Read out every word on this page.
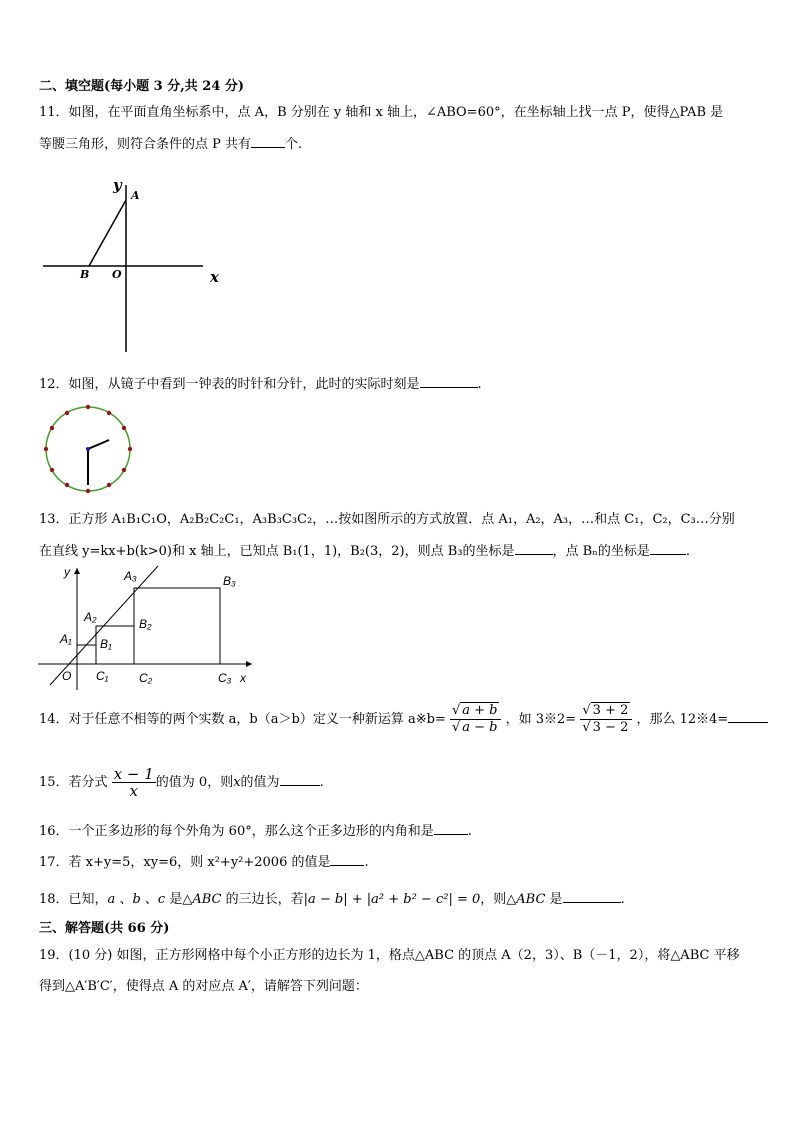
二、填空题(每小题 3 分,共 24 分)
11．如图，在平面直角坐标系中，点 A，B 分别在 y 轴和 x 轴上，∠ABO=60°，在坐标轴上找一点 P，使得△PAB 是
等腰三角形，则符合条件的点 P 共有	个.
y
A
B O	x
12．如图，从镜子中看到一钟表的时针和分针，此时的实际时刻是	.
13．正方形 A₁B₁C₁O，A₂B₂C₂C₁，A₃B₃C₃C₂，…按如图所示的方式放置．点 A₁，A₂，A₃，…和点 C₁，C₂，C₃…分别
在直线 y=kx+b(k>0)和 x 轴上，已知点 B₁(1，1)，B₂(3，2)，则点 B₃的坐标是	，点 Bₙ的坐标是	.
y	A₃	B₃
A₂	B₂
A₁ B₁
O C₁	C₂	C₃ x
14．对于任意不相等的两个实数 a，b（a＞b）定义一种新运算 a※b= $\frac{√ a + b}{√ a - b}$ ，如 3※2= $\frac{√ 3 + 2}{√ 3 - 2}$ ，那么 12※4=
15．若分式 $\frac{x - 1}{x}$ 的值为 0，则x的值为	.
16．一个正多边形的每个外角为 60°，那么这个正多边形的内角和是	.
17．若 x+y=5，xy=6，则 x²+y²+2006 的值是	.
18．已知，a 、b 、c 是△ABC 的三边长，若|a − b| + |a² + b² − c²| = 0，则△ABC 是	.
三、解答题(共 66 分)
19．(10 分) 如图，正方形网格中每个小正方形的边长为 1，格点△ABC 的顶点 A（2，3）、B（－1，2），将△ABC 平移
得到△A′B′C′，使得点 A 的对应点 A′，请解答下列问题：
